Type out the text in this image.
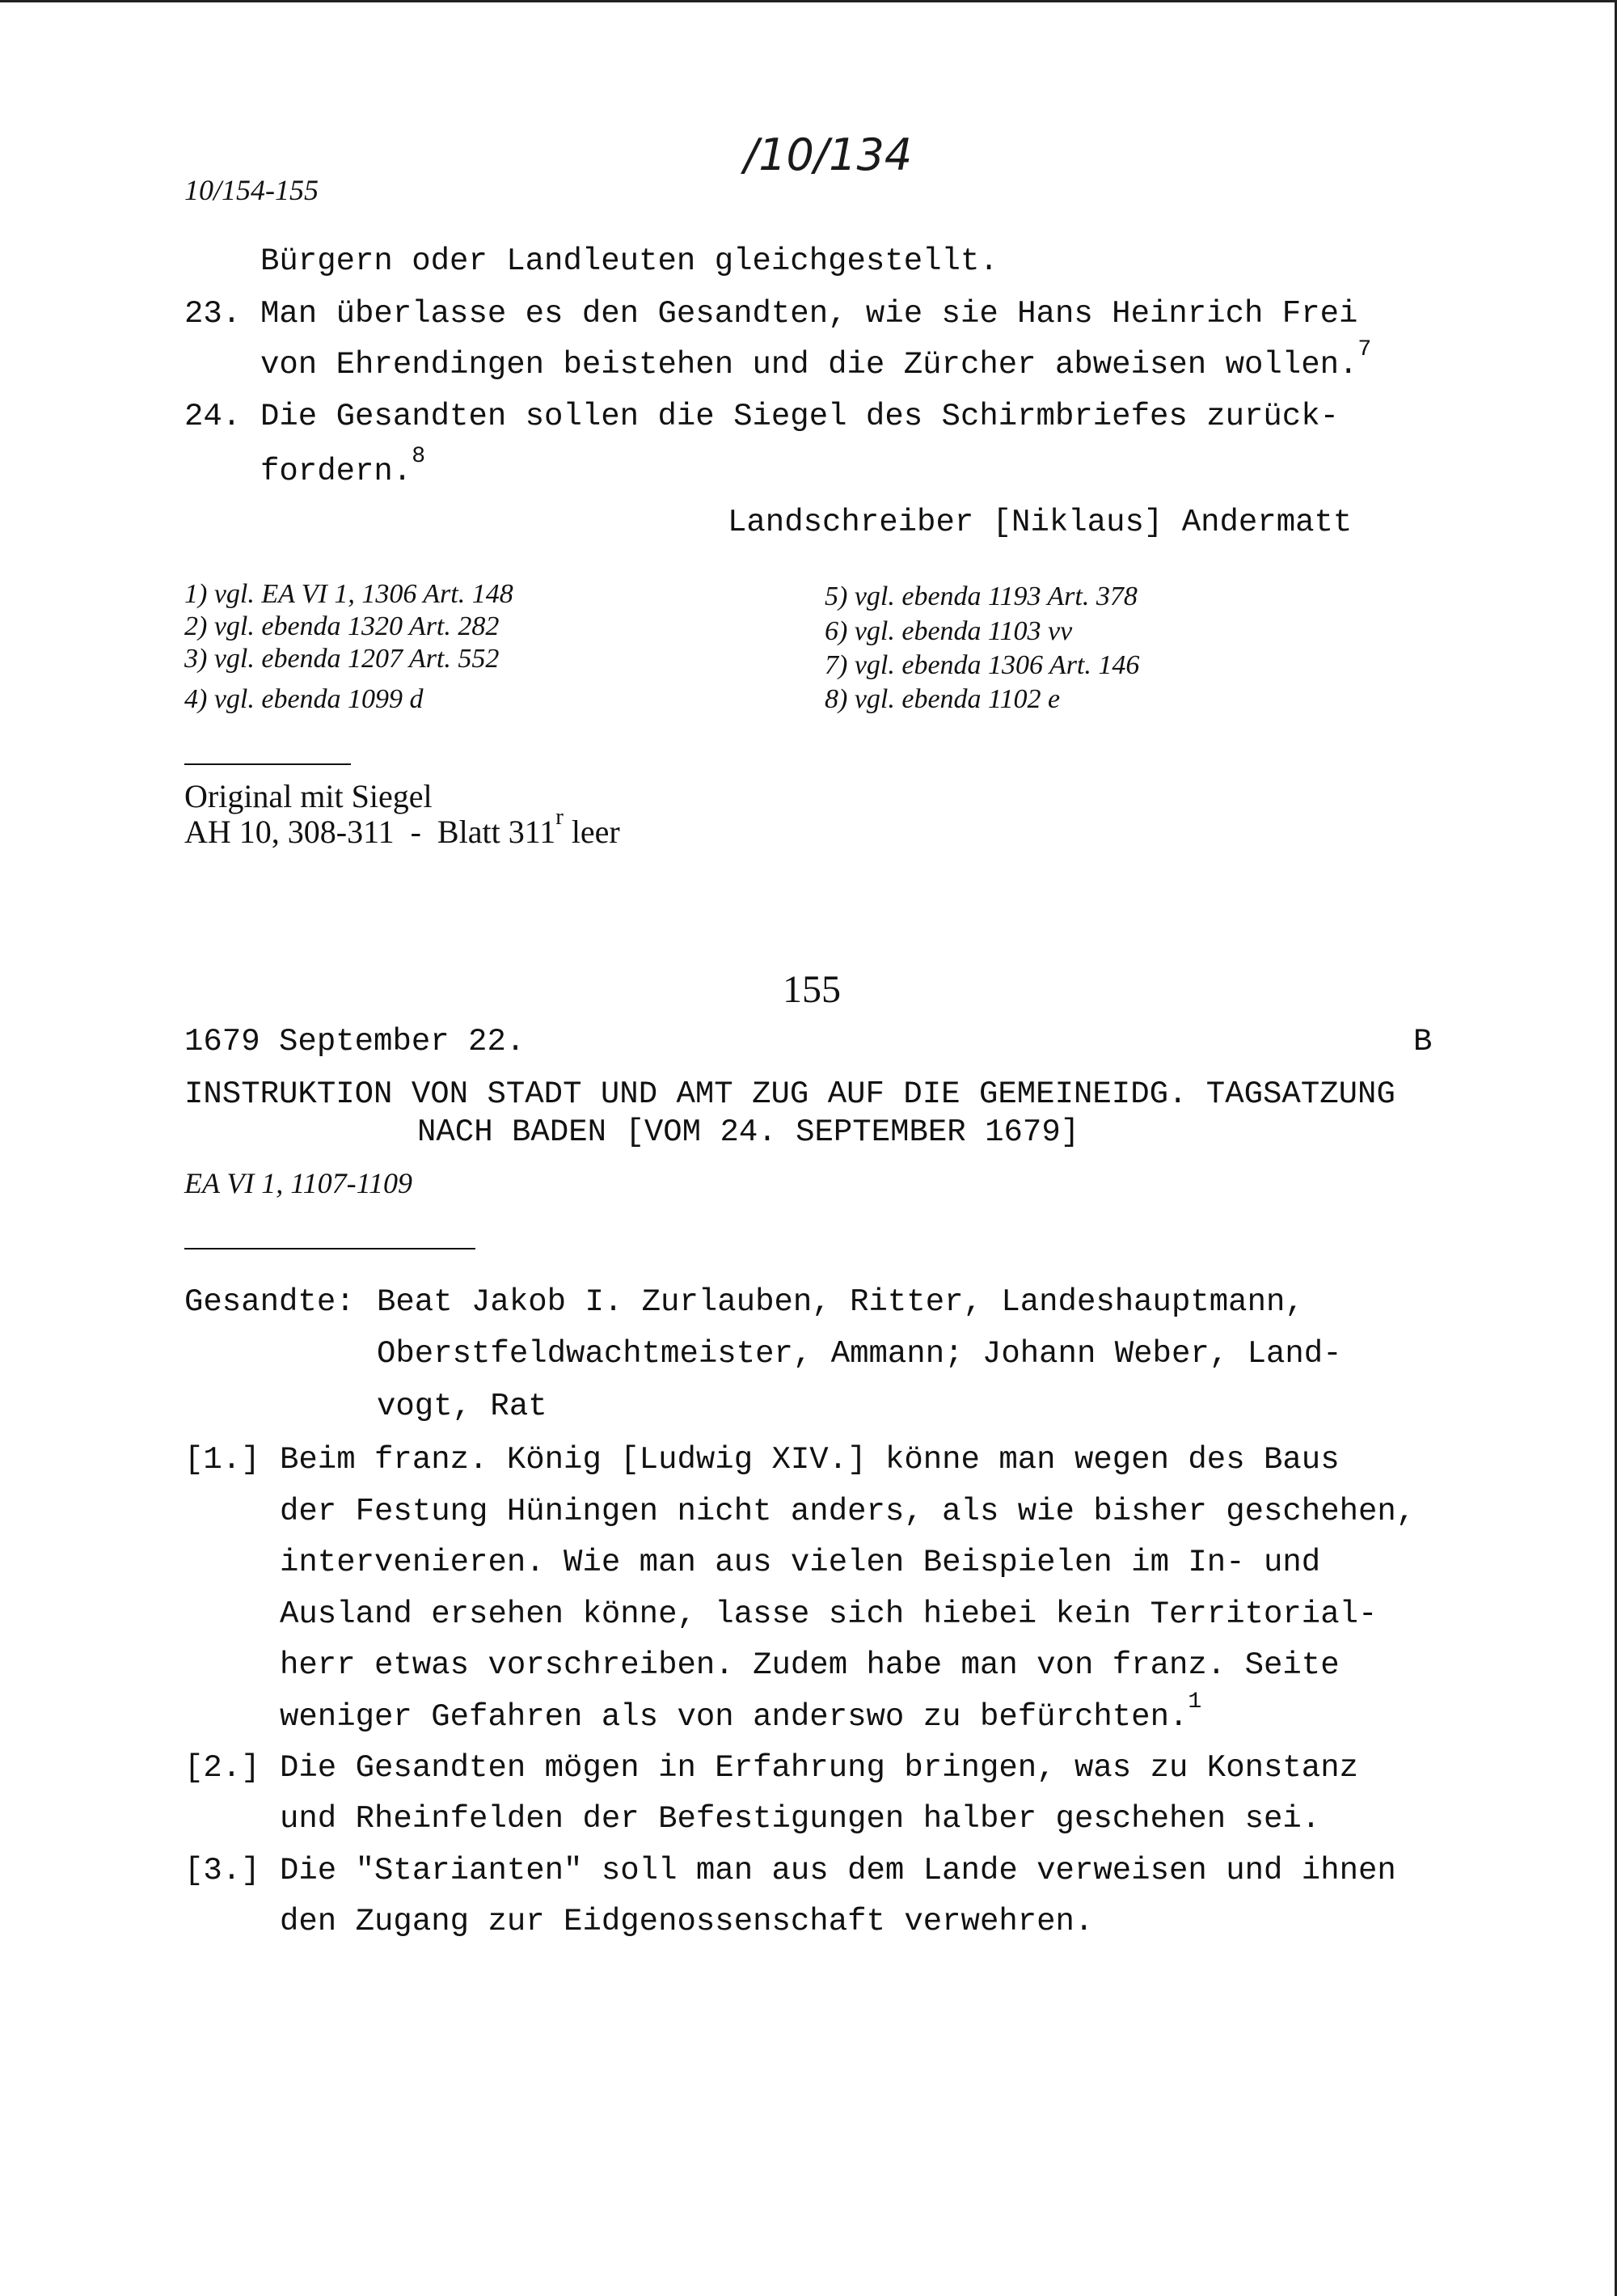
10/154-155
/10/134
Bürgern oder Landleuten gleichgestellt.
23. Man überlasse es den Gesandten, wie sie Hans Heinrich Frei
von Ehrendingen beistehen und die Zürcher abweisen wollen.$^7$
24. Die Gesandten sollen die Siegel des Schirmbriefes zurück-
fordern.$^8$
Landschreiber [Niklaus] Andermatt
1) vgl. EA VI 1, 1306 Art. 148
2) vgl. ebenda 1320 Art. 282
3) vgl. ebenda 1207 Art. 552
4) vgl. ebenda 1099 d
5) vgl. ebenda 1193 Art. 378
6) vgl. ebenda 1103 vv
7) vgl. ebenda 1306 Art. 146
8) vgl. ebenda 1102 e
Original mit Siegel
AH 10, 308-311  -  Blatt 311$^r$ leer
155
1679 September 22.	B
INSTRUKTION VON STADT UND AMT ZUG AUF DIE GEMEINEIDG. TAGSATZUNG
NACH BADEN [VOM 24. SEPTEMBER 1679]
EA VI 1, 1107-1109
Gesandte: Beat Jakob I. Zurlauben, Ritter, Landeshauptmann,
Oberstfeldwachtmeister, Ammann; Johann Weber, Land-
vogt, Rat
[1.] Beim franz. König [Ludwig XIV.] könne man wegen des Baus
der Festung Hüningen nicht anders, als wie bisher geschehen,
intervenieren. Wie man aus vielen Beispielen im In- und
Ausland ersehen könne, lasse sich hiebei kein Territorial-
herr etwas vorschreiben. Zudem habe man von franz. Seite
weniger Gefahren als von anderswo zu befürchten.$^1$
[2.] Die Gesandten mögen in Erfahrung bringen, was zu Konstanz
und Rheinfelden der Befestigungen halber geschehen sei.
[3.] Die "Starianten" soll man aus dem Lande verweisen und ihnen
den Zugang zur Eidgenossenschaft verwehren.
